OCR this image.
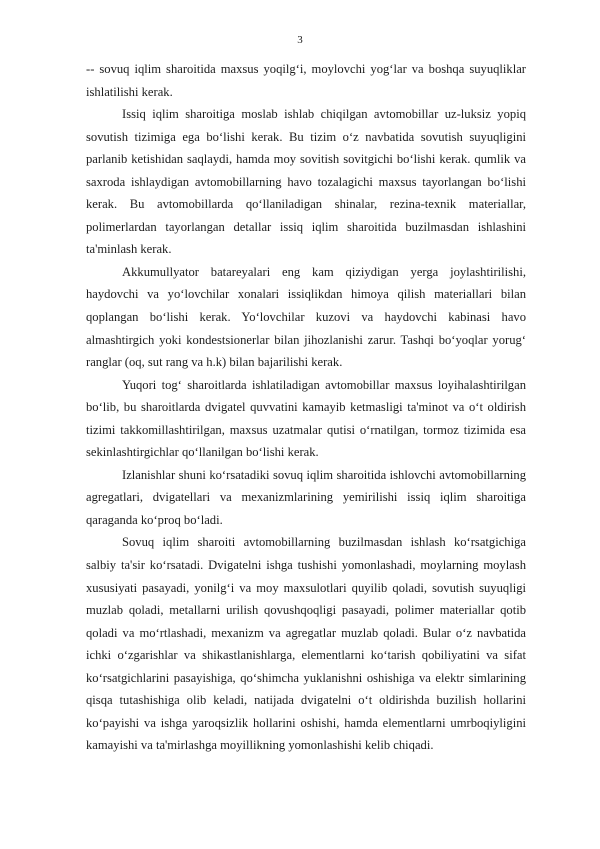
3

-- sovuq iqlim sharoitida maxsus yoqilg‘i, moylovchi yog‘lar va boshqa suyuqliklar ishlatilishi kerak.

Issiq iqlim sharoitiga moslab ishlab chiqilgan avtomobillar uz-luksiz yopiq sovutish tizimiga ega bo‘lishi kerak. Bu tizim o‘z navbatida sovutish suyuqligini parlanib ketishidan saqlaydi, hamda moy sovitish sovitgichi bo‘lishi kerak. qumlik va saxroda ishlaydigan avtomobillarning havo tozalagichi maxsus tayorlangan bo‘lishi kerak. Bu avtomobillarda qo‘llaniladigan shinalar, rezina-texnik materiallar, polimerlardan tayorlangan detallar issiq iqlim sharoitida buzilmasdan ishlashini ta'minlash kerak.

Akkumullyator batareyalari eng kam qiziydigan yerga joylashtirilishi, haydovchi va yo‘lovchilar xonalari issiqlikdan himoya qilish materiallari bilan qoplangan bo‘lishi kerak. Yo‘lovchilar kuzovi va haydovchi kabinasi havo almashtirgich yoki kondestsionerlar bilan jihozlanishi zarur. Tashqi bo‘yoqlar yorug‘ ranglar (oq, sut rang va h.k) bilan bajarilishi kerak.

Yuqori tog‘ sharoitlarda ishlatiladigan avtomobillar maxsus loyihalashtirilgan bo‘lib, bu sharoitlarda dvigatel quvvatini kamayib ketmasligi ta'minot va o‘t oldirish tizimi takkomillashtirilgan, maxsus uzatmalar qutisi o‘rnatilgan, tormoz tizimida esa sekinlashtirgichlar qo‘llanilgan bo‘lishi kerak.

Izlanishlar shuni ko‘rsatadiki sovuq iqlim sharoitida ishlovchi avtomobillarning agregatlari, dvigatellari va mexanizmlarining yemirilishi issiq iqlim sharoitiga qaraganda ko‘proq bo‘ladi.

Sovuq iqlim sharoiti avtomobillarning buzilmasdan ishlash ko‘rsatgichiga salbiy ta'sir ko‘rsatadi. Dvigatelni ishga tushishi yomonlashadi, moylarning moylash xususiyati pasayadi, yonilg‘i va moy maxsulotlari quyilib qoladi, sovutish suyuqligi muzlab qoladi, metallarni urilish qovushqoqligi pasayadi, polimer materiallar qotib qoladi va mo‘rtlashadi, mexanizm va agregatlar muzlab qoladi. Bular o‘z navbatida ichki o‘zgarishlar va shikastlanishlarga, elementlarni ko‘tarish qobiliyatini va sifat ko‘rsatgichlarini pasayishiga, qo‘shimcha yuklanishni oshishiga va elektr simlarining qisqa tutashishiga olib keladi, natijada dvigatelni o‘t oldirishda buzilish hollarini ko‘payishi va ishga yaroqsizlik hollarini oshishi, hamda elementlarni umrboqiyligini kamayishi va ta'mirlashga moyillikning yomonlashishi kelib chiqadi.
